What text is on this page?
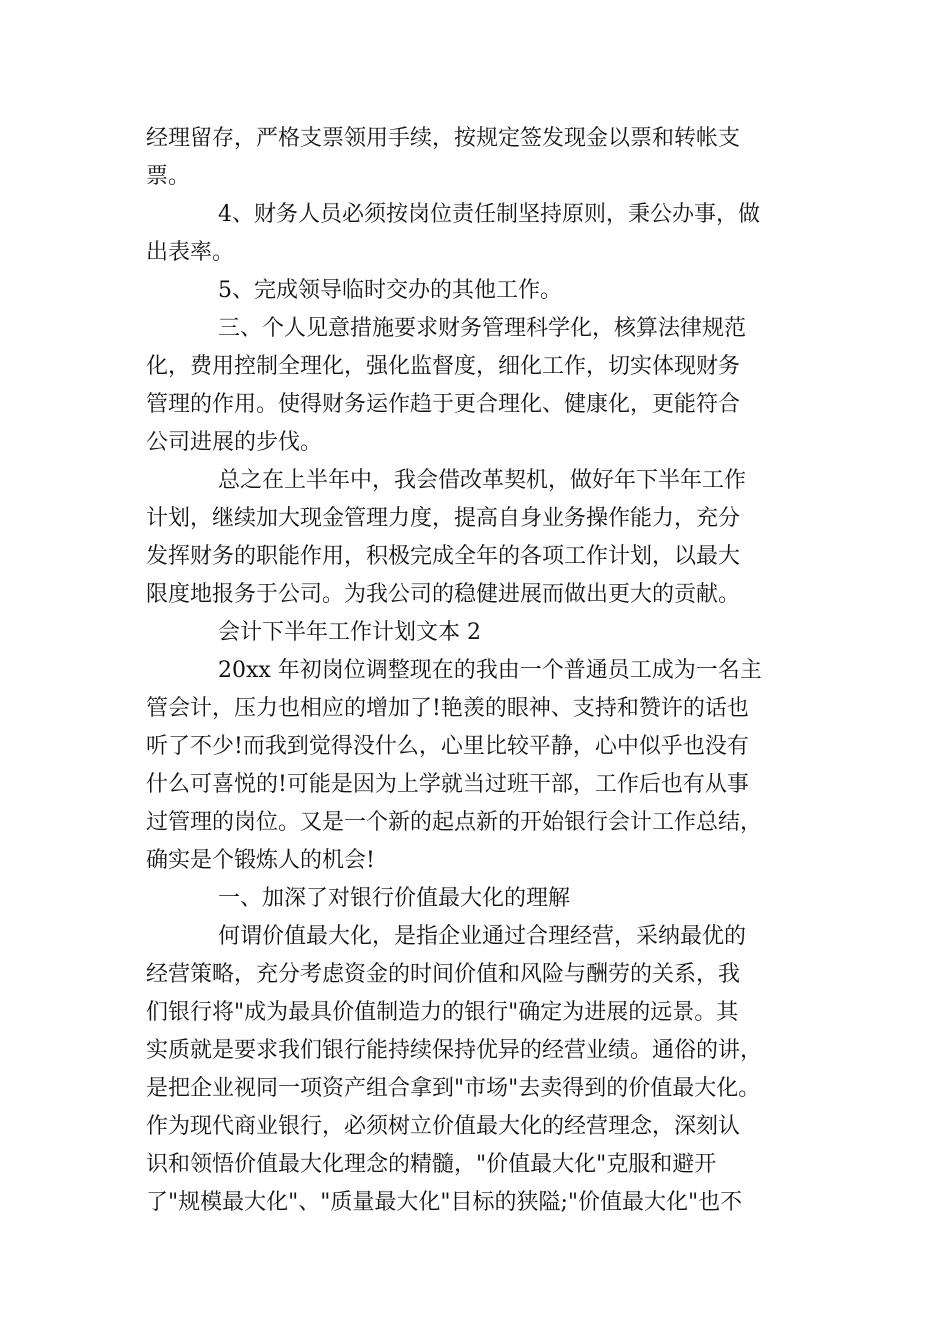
经理留存，严格支票领用手续，按规定签发现金以票和转帐支
票。
4、财务人员必须按岗位责任制坚持原则，秉公办事，做
出表率。
5、完成领导临时交办的其他工作。
三、个人见意措施要求财务管理科学化，核算法律规范
化，费用控制全理化，强化监督度，细化工作，切实体现财务
管理的作用。使得财务运作趋于更合理化、健康化，更能符合
公司进展的步伐。
总之在上半年中，我会借改革契机，做好年下半年工作
计划，继续加大现金管理力度，提高自身业务操作能力，充分
发挥财务的职能作用，积极完成全年的各项工作计划，以最大
限度地报务于公司。为我公司的稳健进展而做出更大的贡献。
会计下半年工作计划文本 2
20xx 年初岗位调整现在的我由一个普通员工成为一名主
管会计，压力也相应的增加了!艳羡的眼神、支持和赞许的话也
听了不少!而我到觉得没什么，心里比较平静，心中似乎也没有
什么可喜悦的!可能是因为上学就当过班干部，工作后也有从事
过管理的岗位。又是一个新的起点新的开始银行会计工作总结，
确实是个锻炼人的机会!
一、加深了对银行价值最大化的理解
何谓价值最大化，是指企业通过合理经营，采纳最优的
经营策略，充分考虑资金的时间价值和风险与酬劳的关系，我
们银行将"成为最具价值制造力的银行"确定为进展的远景。其
实质就是要求我们银行能持续保持优异的经营业绩。通俗的讲，
是把企业视同一项资产组合拿到"市场"去卖得到的价值最大化。
作为现代商业银行，必须树立价值最大化的经营理念，深刻认
识和领悟价值最大化理念的精髓，"价值最大化"克服和避开
了"规模最大化"、"质量最大化"目标的狭隘;"价值最大化"也不
